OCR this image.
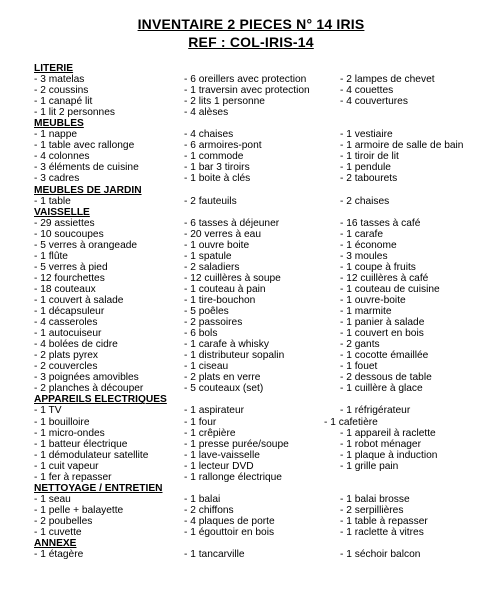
INVENTAIRE 2 PIECES N° 14 IRIS
REF : COL-IRIS-14
LITERIE
- 3 matelas	- 6 oreillers avec protection	- 2 lampes de chevet
- 2 coussins	- 1 traversin avec protection	- 4 couettes
- 1 canapé lit	- 2 lits 1 personne	- 4 couvertures
- 1 lit 2 personnes	- 4 alèses
MEUBLES
- 1 nappe	- 4 chaises	- 1 vestiaire
- 1 table avec rallonge	- 6 armoires-pont	- 1 armoire de salle de bain
- 4 colonnes	- 1 commode	- 1 tiroir de lit
- 3 éléments de cuisine	- 1 bar 3 tiroirs	- 1 pendule
- 3 cadres	- 1 boite à clés	- 2 tabourets
MEUBLES DE JARDIN
- 1 table	- 2 fauteuils	- 2 chaises
VAISSELLE
- 29 assiettes	- 6 tasses à déjeuner	- 16 tasses à café
- 10 soucoupes	- 20 verres à eau	- 1 carafe
- 5 verres à orangeade	- 1 ouvre boite	- 1 économe
- 1 flûte	- 1 spatule	- 3 moules
- 5 verres à pied	- 2 saladiers	- 1 coupe à fruits
- 12 fourchettes	- 12 cuillères à soupe	- 12 cuillères à café
- 18 couteaux	- 1 couteau à pain	- 1 couteau de cuisine
- 1 couvert à salade	- 1 tire-bouchon	- 1 ouvre-boite
- 1 décapsuleur	- 5 poêles	- 1 marmite
- 4 casseroles	- 2 passoires	- 1 panier à salade
- 1 autocuiseur	- 6 bols	- 1 couvert en bois
- 4 bolées de cidre	- 1 carafe à whisky	- 2 gants
- 2 plats pyrex	- 1 distributeur sopalin	- 1 cocotte émaillée
- 2 couvercles	- 1 ciseau	- 1 fouet
- 3 poignées amovibles	- 2 plats en verre	- 2 dessous de table
- 2 planches à découper	- 5 couteaux (set)	- 1 cuillère à glace
APPAREILS ELECTRIQUES
- 1 TV	- 1 aspirateur	- 1 réfrigérateur
- 1 bouilloire	- 1 four	- 1 cafetière
- 1 micro-ondes	- 1 crêpière	- 1 appareil à raclette
- 1 batteur électrique	- 1 presse purée/soupe	- 1 robot ménager
- 1 démodulateur satellite	- 1 lave-vaisselle	- 1 plaque à induction
- 1 cuit vapeur	- 1 lecteur DVD	- 1 grille pain
- 1 fer à repasser	- 1 rallonge électrique
NETTOYAGE / ENTRETIEN
- 1 seau	- 1 balai	- 1 balai brosse
- 1 pelle + balayette	- 2 chiffons	- 2 serpillières
- 2 poubelles	- 4 plaques de porte	- 1 table à repasser
- 1 cuvette	- 1 égouttoir en bois	- 1 raclette à vitres
ANNEXE
- 1 étagère	- 1 tancarville	- 1 séchoir balcon
